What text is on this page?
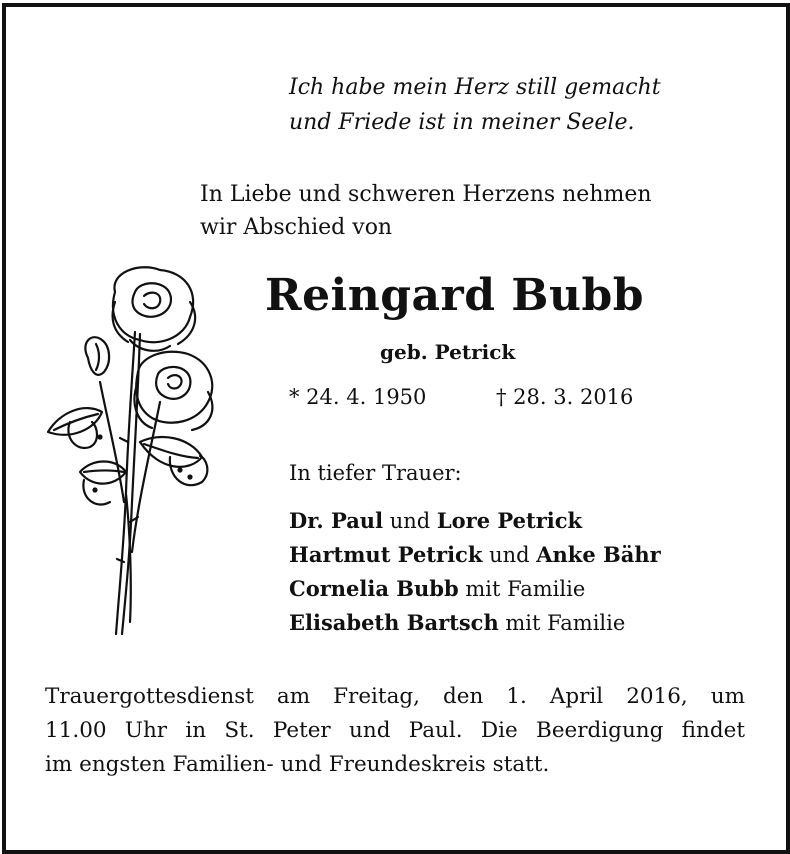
Ich habe mein Herz still gemacht
und Friede ist in meiner Seele.
In Liebe und schweren Herzens nehmen
wir Abschied von
Reingard Bubb
geb. Petrick
* 24. 4. 1950	† 28. 3. 2016
In tiefer Trauer:
Dr. Paul und Lore Petrick
Hartmut Petrick und Anke Bähr
Cornelia Bubb mit Familie
Elisabeth Bartsch mit Familie
Trauergottesdienst am Freitag, den 1. April 2016, um
11.00 Uhr in St. Peter und Paul. Die Beerdigung findet
im engsten Familien- und Freundeskreis statt.
